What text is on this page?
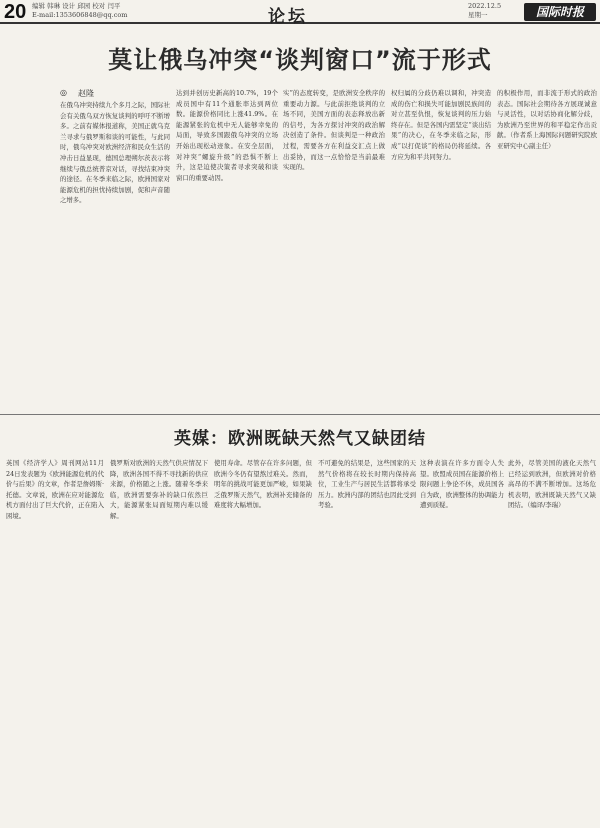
20 编辑 韩琳 设计 邱园 校对 闫平
E-mail:1353606848@qq.com	论坛
2022.12.5
星期一	国际时报
莫让俄乌冲突“谈判窗口”流于形式
◎ 赵隆
在俄乌冲突持续九个多月之际，国际社会有关俄乌双方恢复谈判的呼吁不断增多。之前有媒体报道称，美国正就乌克兰寻求与俄罗斯和谈的可能性，与此同时，俄乌冲突对欧洲经济和民众生活的冲击日益显现，德国总理朔尔茨表示将继续与俄总统普京对话，寻找结束冲突的途径。在冬季来临之际，欧洲国家对能源危机的担忧持续加剧，促和声音随之增多。
达到并创历史新高的10.7%，19个成员国中有11个通胀率达到两位数。能源价格同比上涨41.9%。在能源紧张的危机中无人能够幸免的局面，导致多国跟俄乌冲突的立场开始出现松动迹象。在安全层面，对冲突“螺旋升级”的恐惧不断上升，这是迫使决策者寻求突破和谈窗口的重要动因。
实”的态度转变，是欧洲安全秩序的重要动力源。与此前拒绝谈判的立场不同，美国方面的表态释放出新的信号，为各方探讨冲突的政治解决创造了条件。但谈判是一种政治过程，需要各方在利益交汇点上做出妥协，而这一点恰恰是当前最难实现的。
权归属的分歧仍难以调和，冲突造成的伤亡和损失可能加剧民族间的对立甚至仇恨，恢复谈判的压力始终存在。但是各国内需坚定“谈出结果”的决心，在冬季来临之际，形成“以打促谈”的格局仍将延续。各方应为和平共同努力。
的积极作用，而非流于形式的政治表态。国际社会期待各方展现诚意与灵活性，以对话协商化解分歧，为欧洲乃至世界的和平稳定作出贡献。（作者系上海国际问题研究院欧亚研究中心副主任）
英媒：欧洲既缺天然气又缺团结
英国《经济学人》周刊网站11月24日发表题为《欧洲能源危机的代价与后果》的文章，作者是詹姆斯·托德。文章说，欧洲在应对能源危机方面付出了巨大代价，正在陷入困境。
俄罗斯对欧洲的天然气供应情况下降，欧洲各国不得不寻找新的供应来源，价格随之上涨。随着冬季来临，欧洲需要弥补的缺口依然巨大，能源紧张局面短期内难以缓解。
使用寿命。尽管存在许多问题，但欧洲今冬仍有望熬过难关。然而，明年的挑战可能更加严峻，如果缺乏俄罗斯天然气，欧洲补充储备的难度将大幅增加。
不可避免的结果是，这些国家的天然气价格将在较长时期内保持高位，工业生产与居民生活都将承受压力。欧洲内部的团结也因此受到考验。
这种表演在许多方面令人失望。欧盟成员国在能源价格上限问题上争论不休，成员国各自为政，欧洲整体的协调能力遭到质疑。
此外，尽管美国的液化天然气已经运到欧洲，但欧洲对价格高昂的不满不断增加。这场危机表明，欧洲既缺天然气又缺团结。（编译/李瑞）
